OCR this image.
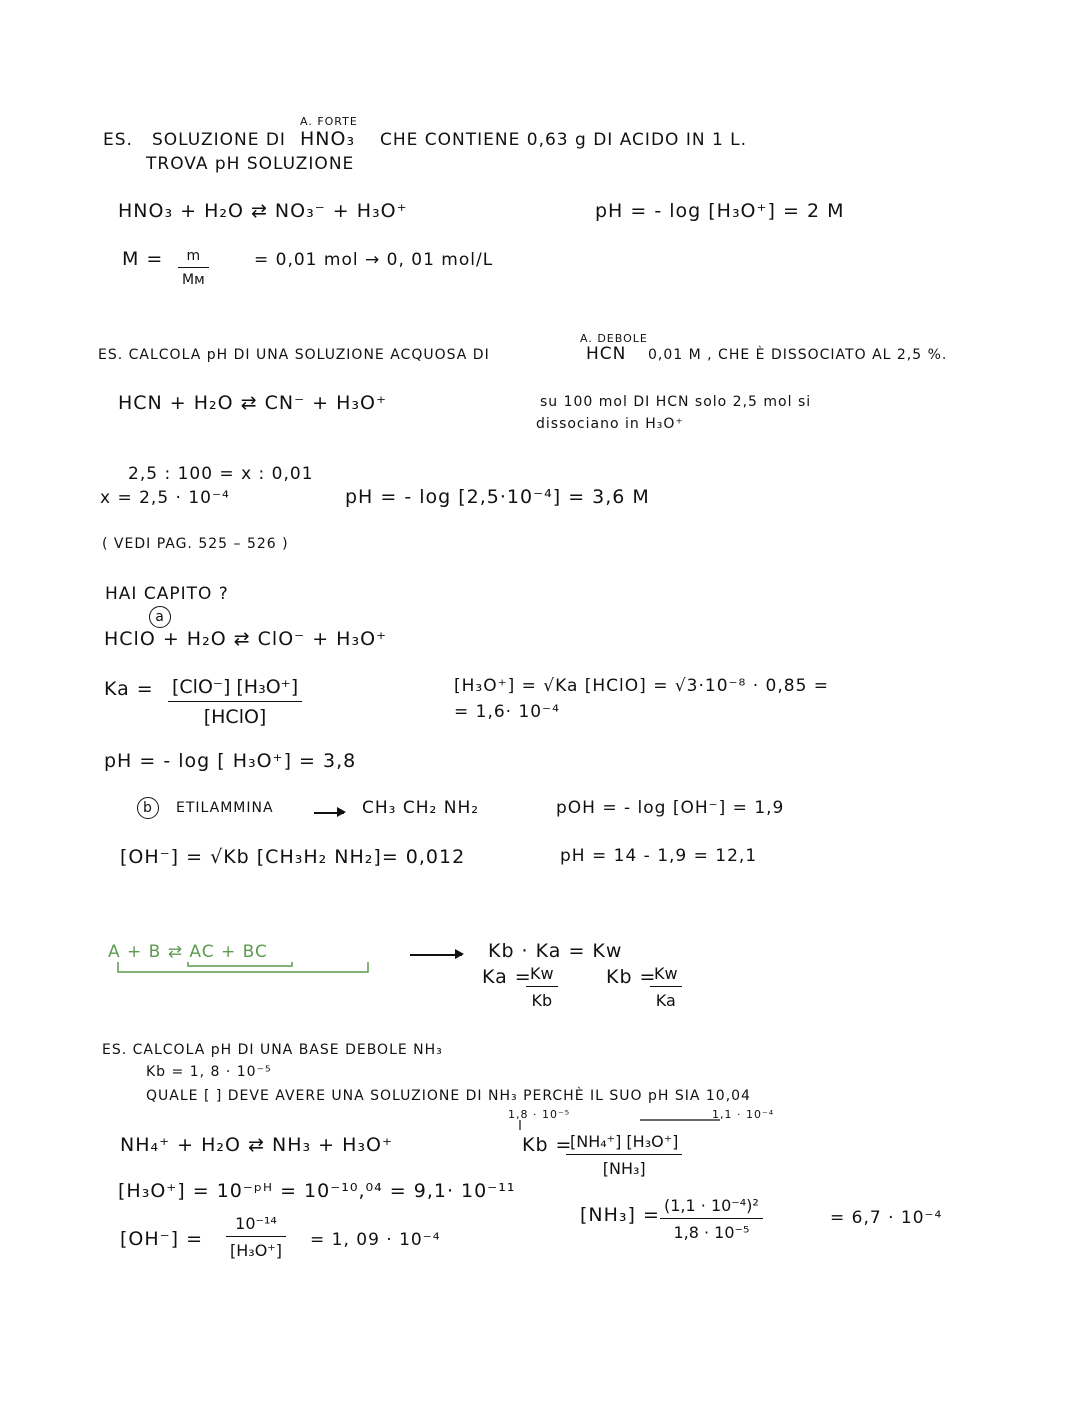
A. FORTE
ES. SOLUZIONE DI HNO₃ CHE CONTIENE 0,63 g DI ACIDO IN 1 L.
TROVA pH SOLUZIONE
HNO₃ + H₂O ⇄ NO₃⁻ + H₃O⁺	pH = - log [H₃O⁺] = 2 M
M =	m
Mм
= 0,01 mol → 0, 01 mol/L
A. DEBOLE
ES. CALCOLA pH DI UNA SOLUZIONE ACQUOSA DI	HCN 0,01 M , CHE È DISSOCIATO AL 2,5 %.
HCN + H₂O ⇄ CN⁻ + H₃O⁺	su 100 mol DI HCN solo 2,5 mol si
dissociano in H₃O⁺
2,5 : 100 = x : 0,01
x = 2,5 · 10⁻⁴	pH = - log [2,5·10⁻⁴] = 3,6 M
( VEDI PAG. 525 – 526 )
HAI CAPITO ?
a
HClO + H₂O ⇄ ClO⁻ + H₃O⁺
Ka = [ClO⁻] [H₃O⁺]
[HClO]
[H₃O⁺] = √Ka [HClO] = √3·10⁻⁸ · 0,85 =
= 1,6· 10⁻⁴
pH = - log [ H₃O⁺] = 3,8
b	ETILAMMINA	CH₃ CH₂ NH₂	pOH = - log [OH⁻] = 1,9
[OH⁻] = √Kb [CH₃H₂ NH₂]= 0,012	pH = 14 - 1,9 = 12,1
A + B ⇄ AC + BC	Kb · Ka = Kw
Ka =
$\frac{Kw}{Kb}$	Kb =
$\frac{Kw}{Ka}$
ES. CALCOLA pH DI UNA BASE DEBOLE NH₃
Kb = 1, 8 · 10⁻⁵
QUALE [ ] DEVE AVERE UNA SOLUZIONE DI NH₃ PERCHÈ IL SUO pH SIA 10,04
1,8 · 10⁻⁵	1,1 · 10⁻⁴
NH₄⁺ + H₂O ⇄ NH₃ + H₃O⁺	Kb =
$\frac{\text{[NH₄⁺] [H₃O⁺]}}{\text{[NH₃]}}$
[H₃O⁺] = 10⁻ᵖᴴ = 10⁻¹⁰,⁰⁴ = 9,1· 10⁻¹¹
$[NH_3] = \frac{\text{(1,1 · 10⁻⁴)²}}{\text{1,8 · 10⁻⁵}}$	= 6,7 · 10⁻⁴
$[OH^-] = \frac{\text{10⁻¹⁴}}{\text{[H₃O⁺]}} = 1$, 09 · 10⁻⁴
